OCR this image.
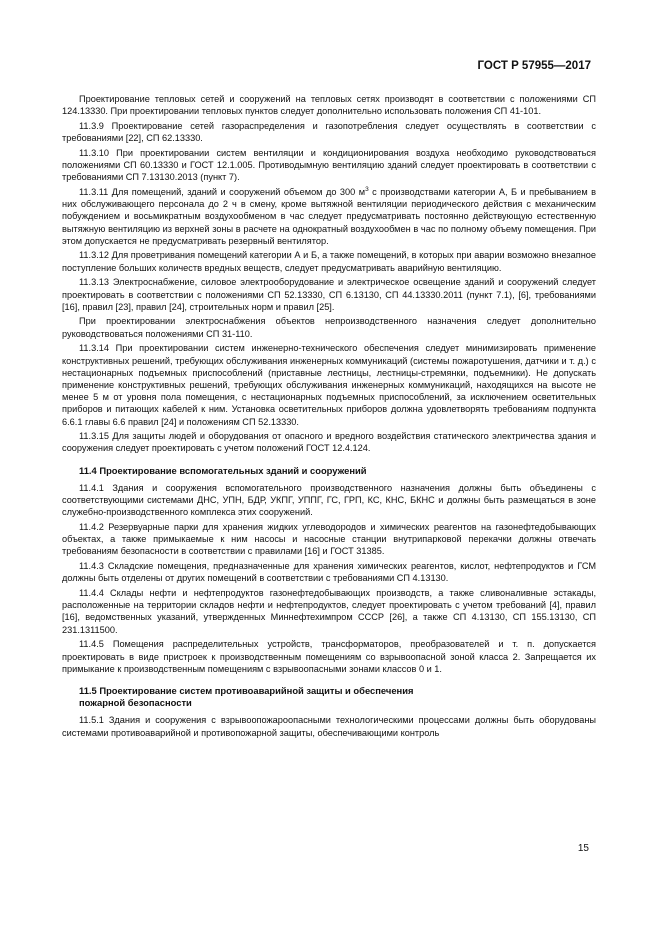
ГОСТ Р 57955—2017

Проектирование тепловых сетей и сооружений на тепловых сетях производят в соответствии с положениями СП 124.13330. При проектировании тепловых пунктов следует дополнительно использовать положения СП 41-101.

11.3.9 Проектирование сетей газораспределения и газопотребления следует осуществлять в соответствии с требованиями [22], СП 62.13330.

11.3.10 При проектировании систем вентиляции и кондиционирования воздуха необходимо руководствоваться положениями СП 60.13330 и ГОСТ 12.1.005. Противодымную вентиляцию зданий следует проектировать в соответствии с требованиями СП 7.13130.2013 (пункт 7).

11.3.11 Для помещений, зданий и сооружений объемом до 300 $м^3$ с производствами категории А, Б и пребыванием в них обслуживающего персонала до 2 ч в смену, кроме вытяжной вентиляции периодического действия с механическим побуждением и восьмикратным воздухообменом в час следует предусматривать постоянно действующую естественную вытяжную вентиляцию из верхней зоны в расчете на однократный воздухообмен в час по полному объему помещения. При этом допускается не предусматривать резервный вентилятор.

11.3.12 Для проветривания помещений категории А и Б, а также помещений, в которых при аварии возможно внезапное поступление больших количеств вредных веществ, следует предусматривать аварийную вентиляцию.

11.3.13 Электроснабжение, силовое электрооборудование и электрическое освещение зданий и сооружений следует проектировать в соответствии с положениями СП 52.13330, СП 6.13130, СП 44.13330.2011 (пункт 7.1), [6], требованиями [16], правил [23], правил [24], строительных норм и правил [25].

При проектировании электроснабжения объектов непроизводственного назначения следует дополнительно руководствоваться положениями СП 31-110.

11.3.14 При проектировании систем инженерно-технического обеспечения следует минимизировать применение конструктивных решений, требующих обслуживания инженерных коммуникаций (системы пожаротушения, датчики и т. д.) с нестационарных подъемных приспособлений (приставные лестницы, лестницы-стремянки, подъемники). Не допускать применение конструктивных решений, требующих обслуживания инженерных коммуникаций, находящихся на высоте не менее 5 м от уровня пола помещения, с нестационарных подъемных приспособлений, за исключением осветительных приборов и питающих кабелей к ним. Установка осветительных приборов должна удовлетворять требованиям подпункта 6.6.1 главы 6.6 правил [24] и положениям СП 52.13330.

11.3.15 Для защиты людей и оборудования от опасного и вредного воздействия статического электричества здания и сооружения следует проектировать с учетом положений ГОСТ 12.4.124.

11.4 Проектирование вспомогательных зданий и сооружений

11.4.1 Здания и сооружения вспомогательного производственного назначения должны быть объединены с соответствующими системами ДНС, УПН, БДР, УКПГ, УППГ, ГС, ГРП, КС, КНС, БКНС и должны быть размещаться в зоне служебно-производственного комплекса этих сооружений.

11.4.2 Резервуарные парки для хранения жидких углеводородов и химических реагентов на газонефтедобывающих объектах, а также примыкаемые к ним насосы и насосные станции внутрипарковой перекачки должны отвечать требованиям безопасности в соответствии с правилами [16] и ГОСТ 31385.

11.4.3 Складские помещения, предназначенные для хранения химических реагентов, кислот, нефтепродуктов и ГСМ должны быть отделены от других помещений в соответствии с требованиями СП 4.13130.

11.4.4 Склады нефти и нефтепродуктов газонефтедобывающих производств, а также сливоналивные эстакады, расположенные на территории складов нефти и нефтепродуктов, следует проектировать с учетом требований [4], правил [16], ведомственных указаний, утвержденных Миннефтехимпром СССР [26], а также СП 4.13130, СП 155.13130, СП 231.1311500.

11.4.5 Помещения распределительных устройств, трансформаторов, преобразователей и т. п. допускается проектировать в виде пристроек к производственным помещениям со взрывоопасной зоной класса 2. Запрещается их примыкание к производственным помещениям с взрывоопасными зонами классов 0 и 1.

11.5 Проектирование систем противоаварийной защиты и обеспечения
пожарной безопасности

11.5.1 Здания и сооружения с взрывоопожароопасными технологическими процессами должны быть оборудованы системами противоаварийной и противопожарной защиты, обеспечивающими контроль

15
